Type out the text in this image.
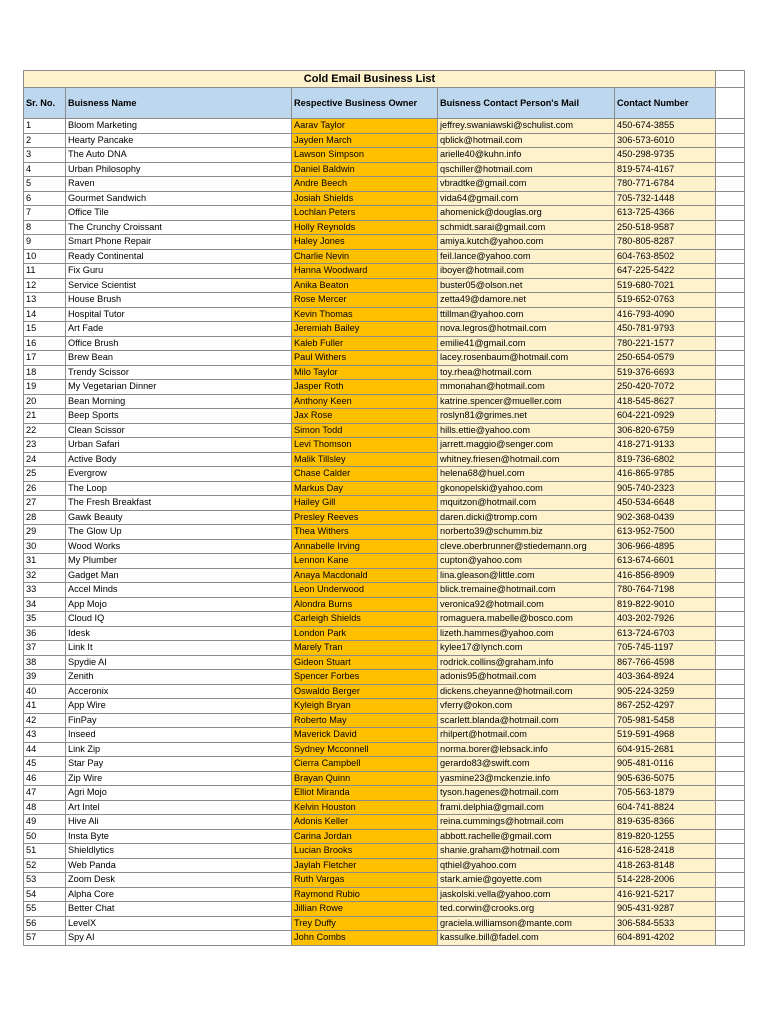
Cold Email Business List					
Sr. No.	Buisness Name	Respective Business Owner	Buisness Contact Person's Mail	Contact Number	
1	Bloom Marketing	Aarav Taylor	jeffrey.swaniawski@schulist.com	450-674-3855	
2	Hearty Pancake	Jayden March	qblick@hotmail.com	306-573-6010	
3	The Auto DNA	Lawson Simpson	arielle40@kuhn.info	450-298-9735	
4	Urban Philosophy	Daniel Baldwin	qschiller@hotmail.com	819-574-4167	
5	Raven	Andre Beech	vbradtke@gmail.com	780-771-6784	
6	Gourmet Sandwich	Josiah Shields	vida64@gmail.com	705-732-1448	
7	Office Tile	Lochlan Peters	ahomenick@douglas.org	613-725-4366	
8	The Crunchy Croissant	Holly Reynolds	schmidt.sarai@gmail.com	250-518-9587	
9	Smart Phone Repair	Haley Jones	amiya.kutch@yahoo.com	780-805-8287	
10	Ready Continental	Charlie Nevin	feil.lance@yahoo.com	604-763-8502	
11	Fix Guru	Hanna Woodward	iboyer@hotmail.com	647-225-5422	
12	Service Scientist	Anika Beaton	buster05@olson.net	519-680-7021	
13	House Brush	Rose Mercer	zetta49@damore.net	519-652-0763	
14	Hospital Tutor	Kevin Thomas	ttillman@yahoo.com	416-793-4090	
15	Art Fade	Jeremiah Bailey	nova.legros@hotmail.com	450-781-9793	
16	Office Brush	Kaleb Fuller	emilie41@gmail.com	780-221-1577	
17	Brew Bean	Paul Withers	lacey.rosenbaum@hotmail.com	250-654-0579	
18	Trendy Scissor	Milo Taylor	toy.rhea@hotmail.com	519-376-6693	
19	My Vegetarian Dinner	Jasper Roth	mmonahan@hotmail.com	250-420-7072	
20	Bean Morning	Anthony Keen	katrine.spencer@mueller.com	418-545-8627	
21	Beep Sports	Jax Rose	roslyn81@grimes.net	604-221-0929	
22	Clean Scissor	Simon Todd	hills.ettie@yahoo.com	306-820-6759	
23	Urban Safari	Levi Thomson	jarrett.maggio@senger.com	418-271-9133	
24	Active Body	Malik Tillsley	whitney.friesen@hotmail.com	819-736-6802	
25	Evergrow	Chase Calder	helena68@huel.com	416-865-9785	
26	The Loop	Markus Day	gkonopelski@yahoo.com	905-740-2323	
27	The Fresh Breakfast	Hailey Gill	mquitzon@hotmail.com	450-534-6648	
28	Gawk Beauty	Presley Reeves	daren.dicki@tromp.com	902-368-0439	
29	The Glow Up	Thea Withers	norberto39@schumm.biz	613-952-7500	
30	Wood Works	Annabelle Irving	cleve.oberbrunner@stiedemann.org	306-966-4895	
31	My Plumber	Lennon Kane	cupton@yahoo.com	613-674-6601	
32	Gadget Man	Anaya Macdonald	lina.gleason@little.com	416-856-8909	
33	Accel Minds	Leon Underwood	blick.tremaine@hotmail.com	780-764-7198	
34	App Mojo	Alondra Burns	veronica92@hotmail.com	819-822-9010	
35	Cloud IQ	Carleigh Shields	romaguera.mabelle@bosco.com	403-202-7926	
36	Idesk	London Park	lizeth.hammes@yahoo.com	613-724-6703	
37	Link It	Marely Tran	kylee17@lynch.com	705-745-1197	
38	Spydie AI	Gideon Stuart	rodrick.collins@graham.info	867-766-4598	
39	Zenith	Spencer Forbes	adonis95@hotmail.com	403-364-8924	
40	Acceronix	Oswaldo Berger	dickens.cheyanne@hotmail.com	905-224-3259	
41	App Wire	Kyleigh Bryan	vferry@okon.com	867-252-4297	
42	FinPay	Roberto May	scarlett.blanda@hotmail.com	705-981-5458	
43	Inseed	Maverick David	rhilpert@hotmail.com	519-591-4968	
44	Link Zip	Sydney Mcconnell	norma.borer@lebsack.info	604-915-2681	
45	Star Pay	Cierra Campbell	gerardo83@swift.com	905-481-0116	
46	Zip Wire	Brayan Quinn	yasmine23@mckenzie.info	905-636-5075	
47	Agri Mojo	Elliot Miranda	tyson.hagenes@hotmail.com	705-563-1879	
48	Art Intel	Kelvin Houston	frami.delphia@gmail.com	604-741-8824	
49	Hive Ali	Adonis Keller	reina.cummings@hotmail.com	819-635-8366	
50	Insta Byte	Carina Jordan	abbott.rachelle@gmail.com	819-820-1255	
51	Shieldlytics	Lucian Brooks	shanie.graham@hotmail.com	416-528-2418	
52	Web Panda	Jaylah Fletcher	qthiel@yahoo.com	418-263-8148	
53	Zoom Desk	Ruth Vargas	stark.amie@goyette.com	514-228-2006	
54	Alpha Core	Raymond Rubio	jaskolski.vella@yahoo.com	416-921-5217	
55	Better Chat	Jillian Rowe	ted.corwin@crooks.org	905-431-9287	
56	LevelX	Trey Duffy	graciela.williamson@mante.com	306-584-5533	
57	Spy AI	John Combs	kassulke.bill@fadel.com	604-891-4202	
